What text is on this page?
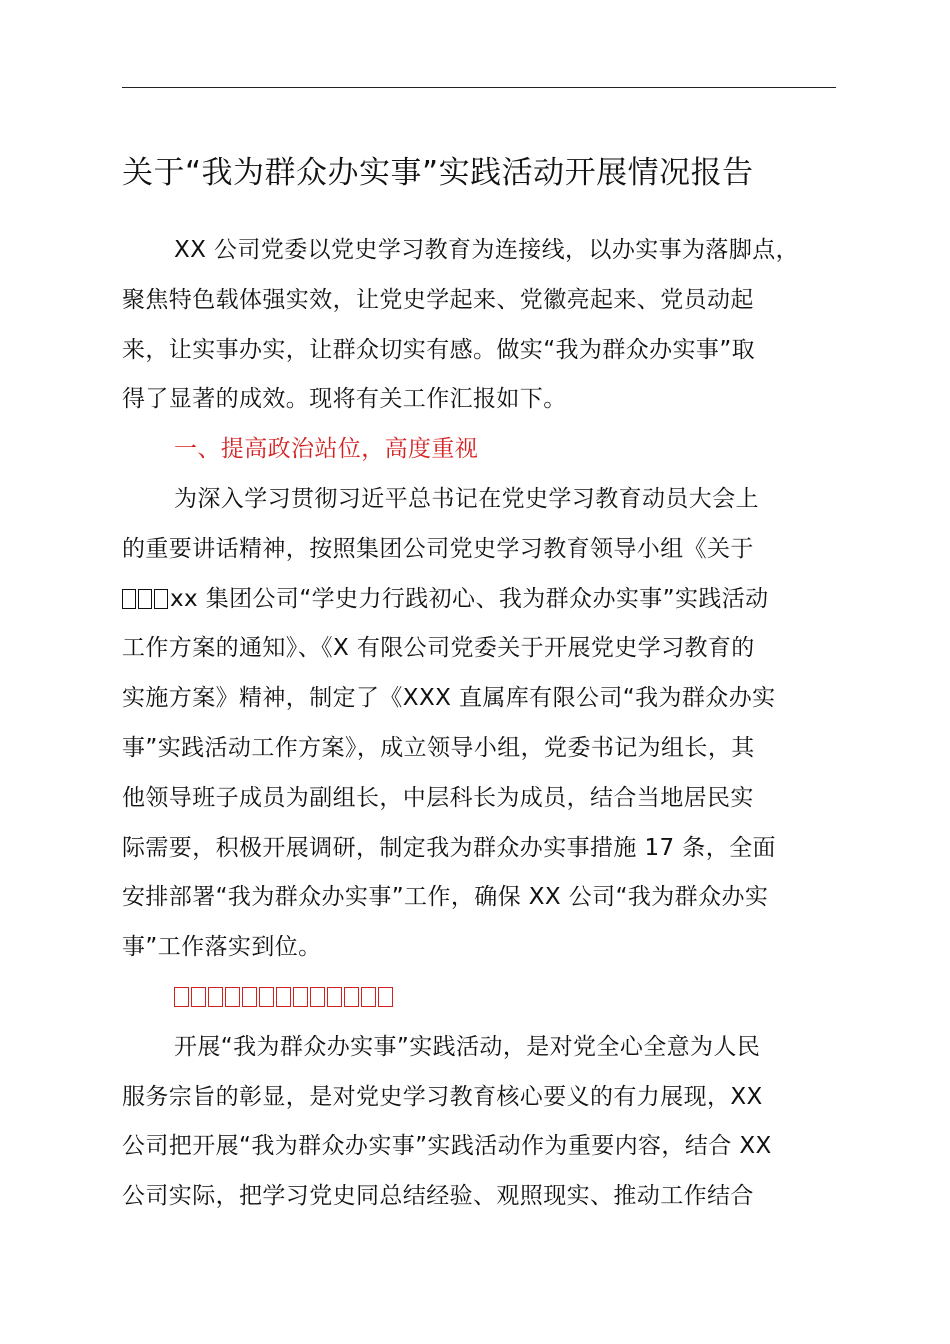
关于“我为群众办实事”实践活动开展情况报告
XX 公司党委以党史学习教育为连接线，以办实事为落脚点，
聚焦特色载体强实效，让党史学起来、党徽亮起来、党员动起
来，让实事办实，让群众切实有感。做实“我为群众办实事”取
得了显著的成效。现将有关工作汇报如下。
一、提高政治站位，高度重视
为深入学习贯彻习近平总书记在党史学习教育动员大会上
的重要讲话精神，按照集团公司党史学习教育领导小组《关于
xx 集团公司“学史力行践初心、我为群众办实事”实践活动
工作方案的通知》、《X 有限公司党委关于开展党史学习教育的
实施方案》精神，制定了《XXX 直属库有限公司“我为群众办实
事”实践活动工作方案》，成立领导小组，党委书记为组长，其
他领导班子成员为副组长，中层科长为成员，结合当地居民实
际需要，积极开展调研，制定我为群众办实事措施 17 条，全面
安排部署“我为群众办实事”工作，确保 XX 公司“我为群众办实
事”工作落实到位。
开展“我为群众办实事”实践活动，是对党全心全意为人民
服务宗旨的彰显，是对党史学习教育核心要义的有力展现，XX
公司把开展“我为群众办实事”实践活动作为重要内容，结合 XX
公司实际，把学习党史同总结经验、观照现实、推动工作结合
